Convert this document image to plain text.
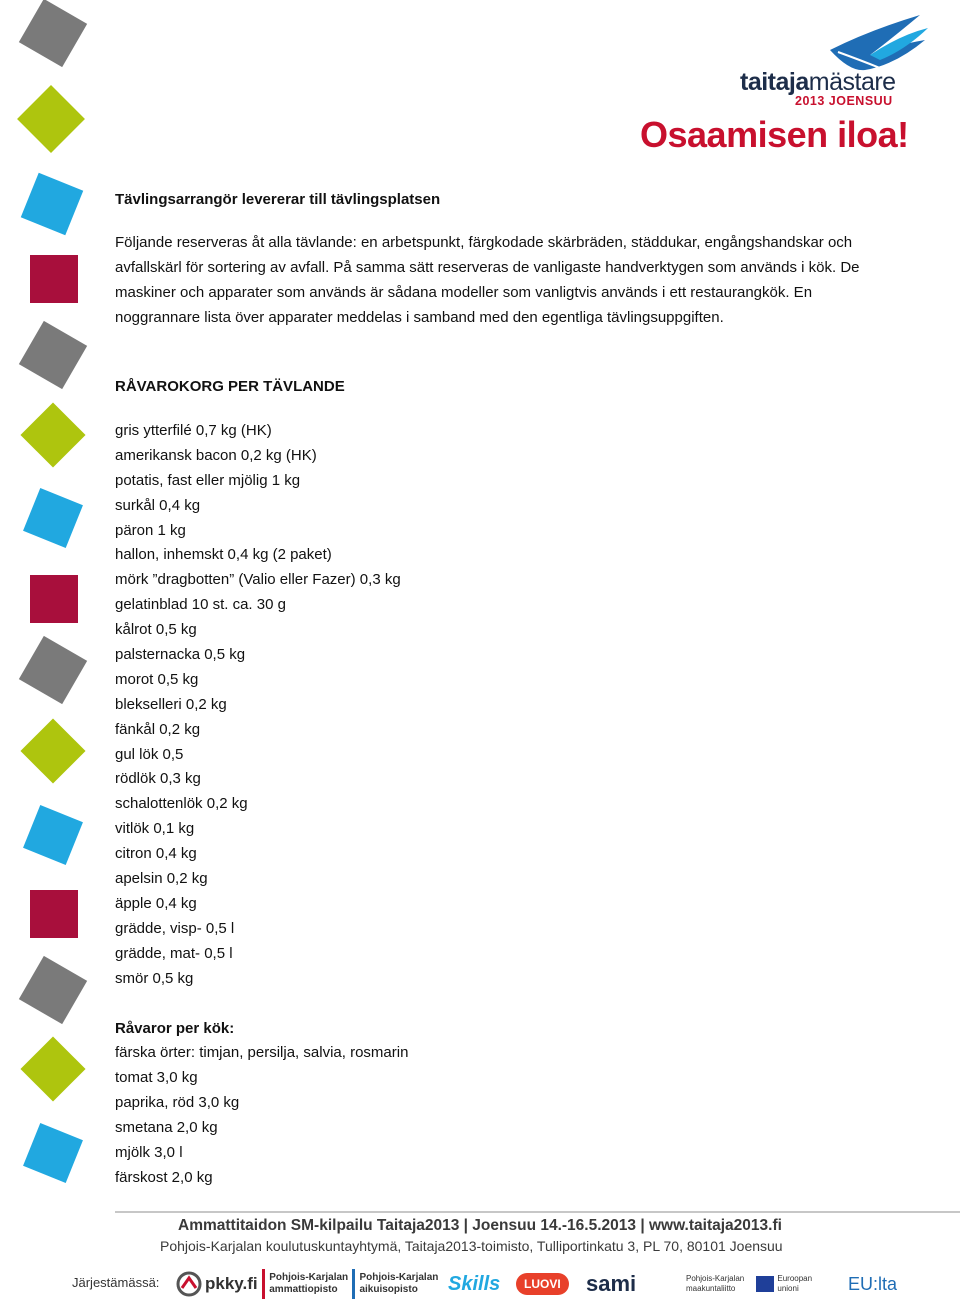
taitajamästare
2013 JOENSUU
Osaamisen iloa!

Tävlingsarrangör levererar till tävlingsplatsen

Följande reserveras åt alla tävlande: en arbetspunkt, färgkodade skärbräden, städdukar, engångshandskar och avfallskärl för sortering av avfall. På samma sätt reserveras de vanligaste handverktygen som används i kök. De maskiner och apparater som används är sådana modeller som vanligtvis används i ett restaurangkök. En noggrannare lista över apparater meddelas i samband med den egentliga tävlingsuppgiften.

RÅVAROKORG PER TÄVLANDE

gris ytterfilé 0,7 kg (HK)
amerikansk bacon 0,2 kg (HK)
potatis, fast eller mjölig 1 kg
surkål 0,4 kg
päron 1 kg
hallon, inhemskt 0,4 kg (2 paket)
mörk ”dragbotten” (Valio eller Fazer) 0,3 kg
gelatinblad 10 st. ca. 30 g
kålrot 0,5 kg
palsternacka 0,5 kg
morot 0,5 kg
blekselleri 0,2 kg
fänkål 0,2 kg
gul lök 0,5
rödlök 0,3 kg
schalottenlök 0,2 kg
vitlök 0,1 kg
citron 0,4 kg
apelsin 0,2 kg
äpple 0,4 kg
grädde, visp- 0,5 l
grädde, mat- 0,5 l
smör 0,5 kg

Råvaror per kök:

färska örter: timjan, persilja, salvia, rosmarin
tomat 3,0 kg
paprika, röd 3,0 kg
smetana 2,0 kg
mjölk 3,0 l
färskost 2,0 kg
Ammattitaidon SM-kilpailu Taitaja2013 | Joensuu 14.-16.5.2013 | www.taitaja2013.fi
Pohjois-Karjalan koulutuskuntayhtymä, Taitaja2013-toimisto, Tulliportinkatu 3, PL 70, 80101 Joensuu
Järjestämässä:	pkky.fi Pohjois-Karjalan ammattiopisto
Pohjois-Karjalan aikuisopisto	Skills	LUOVI	sami	Pohjois-Karjalan maakuntaliitto
Euroopan unioni	EU:lta
